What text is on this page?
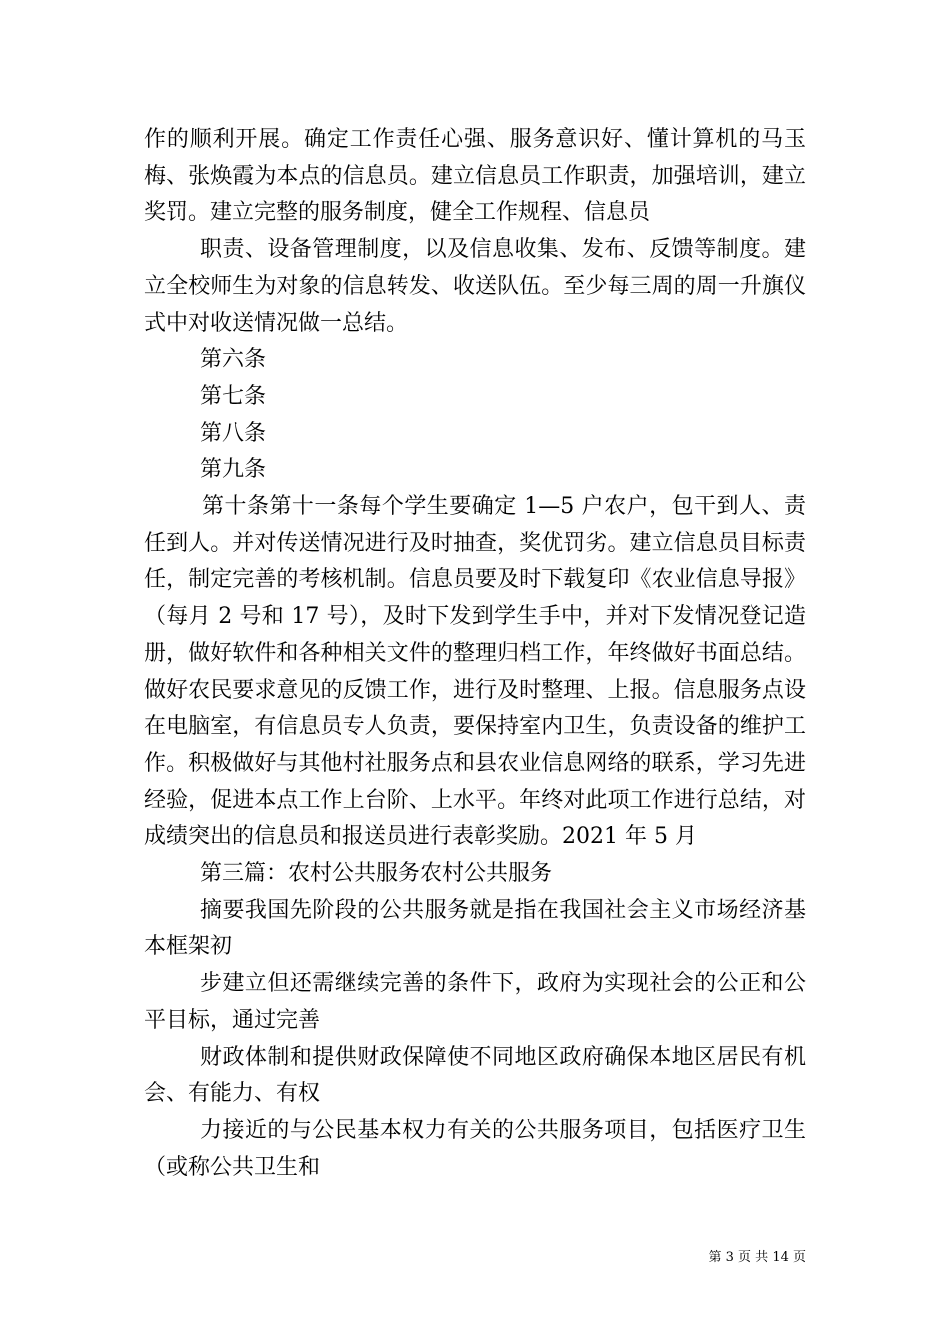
作的顺利开展。确定工作责任心强、服务意识好、懂计算机的马玉梅、张焕霞为本点的信息员。建立信息员工作职责，加强培训，建立奖罚。建立完整的服务制度，健全工作规程、信息员

职责、设备管理制度，以及信息收集、发布、反馈等制度。建立全校师生为对象的信息转发、收送队伍。至少每三周的周一升旗仪式中对收送情况做一总结。

第六条

第七条

第八条

第九条

第十条第十一条每个学生要确定 1—5 户农户，包干到人、责任到人。并对传送情况进行及时抽查，奖优罚劣。建立信息员目标责任，制定完善的考核机制。信息员要及时下载复印《农业信息导报》（每月 2 号和 17 号），及时下发到学生手中，并对下发情况登记造册，做好软件和各种相关文件的整理归档工作，年终做好书面总结。做好农民要求意见的反馈工作，进行及时整理、上报。信息服务点设在电脑室，有信息员专人负责，要保持室内卫生，负责设备的维护工作。积极做好与其他村社服务点和县农业信息网络的联系，学习先进经验，促进本点工作上台阶、上水平。年终对此项工作进行总结，对成绩突出的信息员和报送员进行表彰奖励。2021 年 5 月

第三篇：农村公共服务农村公共服务

摘要我国先阶段的公共服务就是指在我国社会主义市场经济基本框架初

步建立但还需继续完善的条件下，政府为实现社会的公正和公平目标，通过完善

财政体制和提供财政保障使不同地区政府确保本地区居民有机会、有能力、有权

力接近的与公民基本权力有关的公共服务项目，包括医疗卫生（或称公共卫生和

第 3 页 共 14 页
